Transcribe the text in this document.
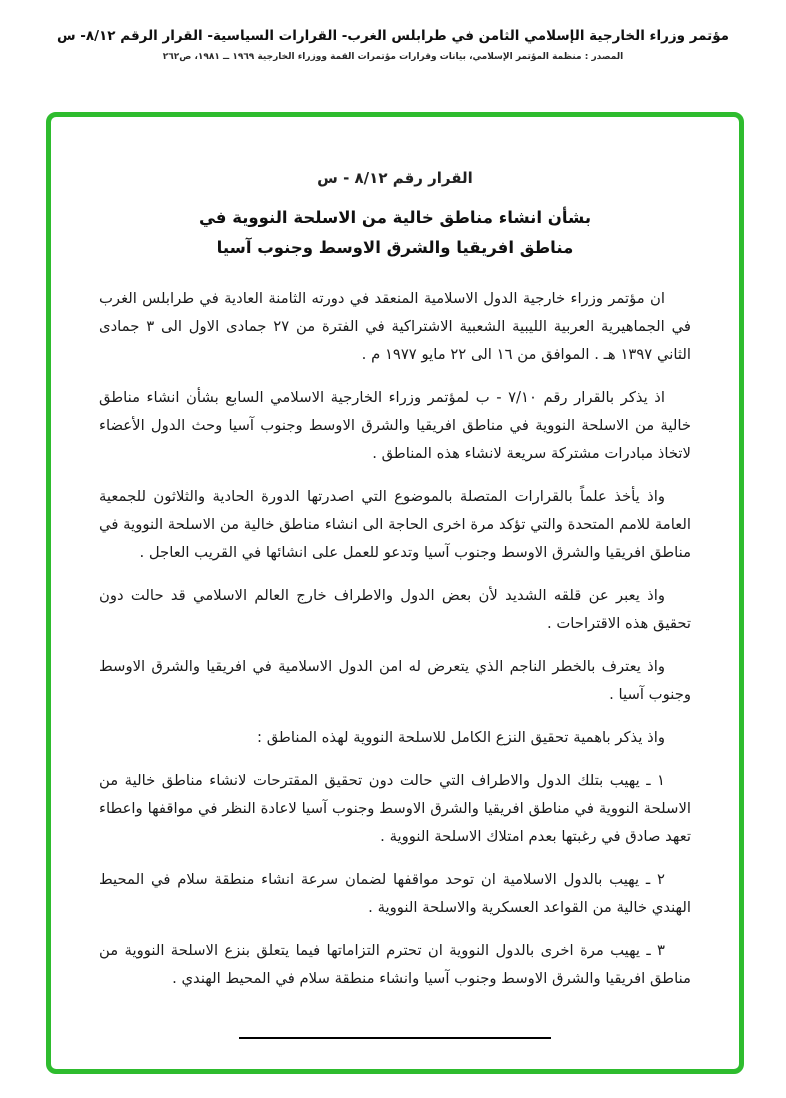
مؤتمر وزراء الخارجية الإسلامي الثامن في طرابلس الغرب- القرارات السياسية- القرار الرقم ٨/١٢- س
المصدر : منظمة المؤتمر الإسلامي، بيانات وقرارات مؤتمرات القمة ووزراء الخارجية ١٩٦٩ ــ ١٩٨١، ص٢٦٢
القرار رقم ٨/١٢ - س
بشأن انشاء مناطق خالية من الاسلحة النووية في
مناطق افريقيا والشرق الاوسط وجنوب آسيا

ان مؤتمر وزراء خارجية الدول الاسلامية المنعقد في دورته الثامنة العادية في طرابلس الغرب في الجماهيرية العربية الليبية الشعبية الاشتراكية في الفترة من ٢٧ جمادى الاول الى ٣ جمادى الثاني ١٣٩٧ هـ . الموافق من ١٦ الى ٢٢ مايو ١٩٧٧ م .

اذ يذكر بالقرار رقم ٧/١٠ - ب لمؤتمر وزراء الخارجية الاسلامي السابع بشأن انشاء مناطق خالية من الاسلحة النووية في مناطق افريقيا والشرق الاوسط وجنوب آسيا وحث الدول الأعضاء لاتخاذ مبادرات مشتركة سريعة لانشاء هذه المناطق .

واذ يأخذ علماً بالقرارات المتصلة بالموضوع التي اصدرتها الدورة الحادية والثلاثون للجمعية العامة للامم المتحدة والتي تؤكد مرة اخرى الحاجة الى انشاء مناطق خالية من الاسلحة النووية في مناطق افريقيا والشرق الاوسط وجنوب آسيا وتدعو للعمل على انشائها في القريب العاجل .

واذ يعبر عن قلقه الشديد لأن بعض الدول والاطراف خارج العالم الاسلامي قد حالت دون تحقيق هذه الاقتراحات .

واذ يعترف بالخطر الناجم الذي يتعرض له امن الدول الاسلامية في افريقيا والشرق الاوسط وجنوب آسيا .

واذ يذكر باهمية تحقيق النزع الكامل للاسلحة النووية لهذه المناطق :

١ ـ يهيب بتلك الدول والاطراف التي حالت دون تحقيق المقترحات لانشاء مناطق خالية من الاسلحة النووية في مناطق افريقيا والشرق الاوسط وجنوب آسيا لاعادة النظر في مواقفها واعطاء تعهد صادق في رغبتها بعدم امتلاك الاسلحة النووية .

٢ ـ يهيب بالدول الاسلامية ان توحد مواقفها لضمان سرعة انشاء منطقة سلام في المحيط الهندي خالية من القواعد العسكرية والاسلحة النووية .

٣ ـ يهيب مرة اخرى بالدول النووية ان تحترم التزاماتها فيما يتعلق بنزع الاسلحة النووية من مناطق افريقيا والشرق الاوسط وجنوب آسيا وانشاء منطقة سلام في المحيط الهندي .
